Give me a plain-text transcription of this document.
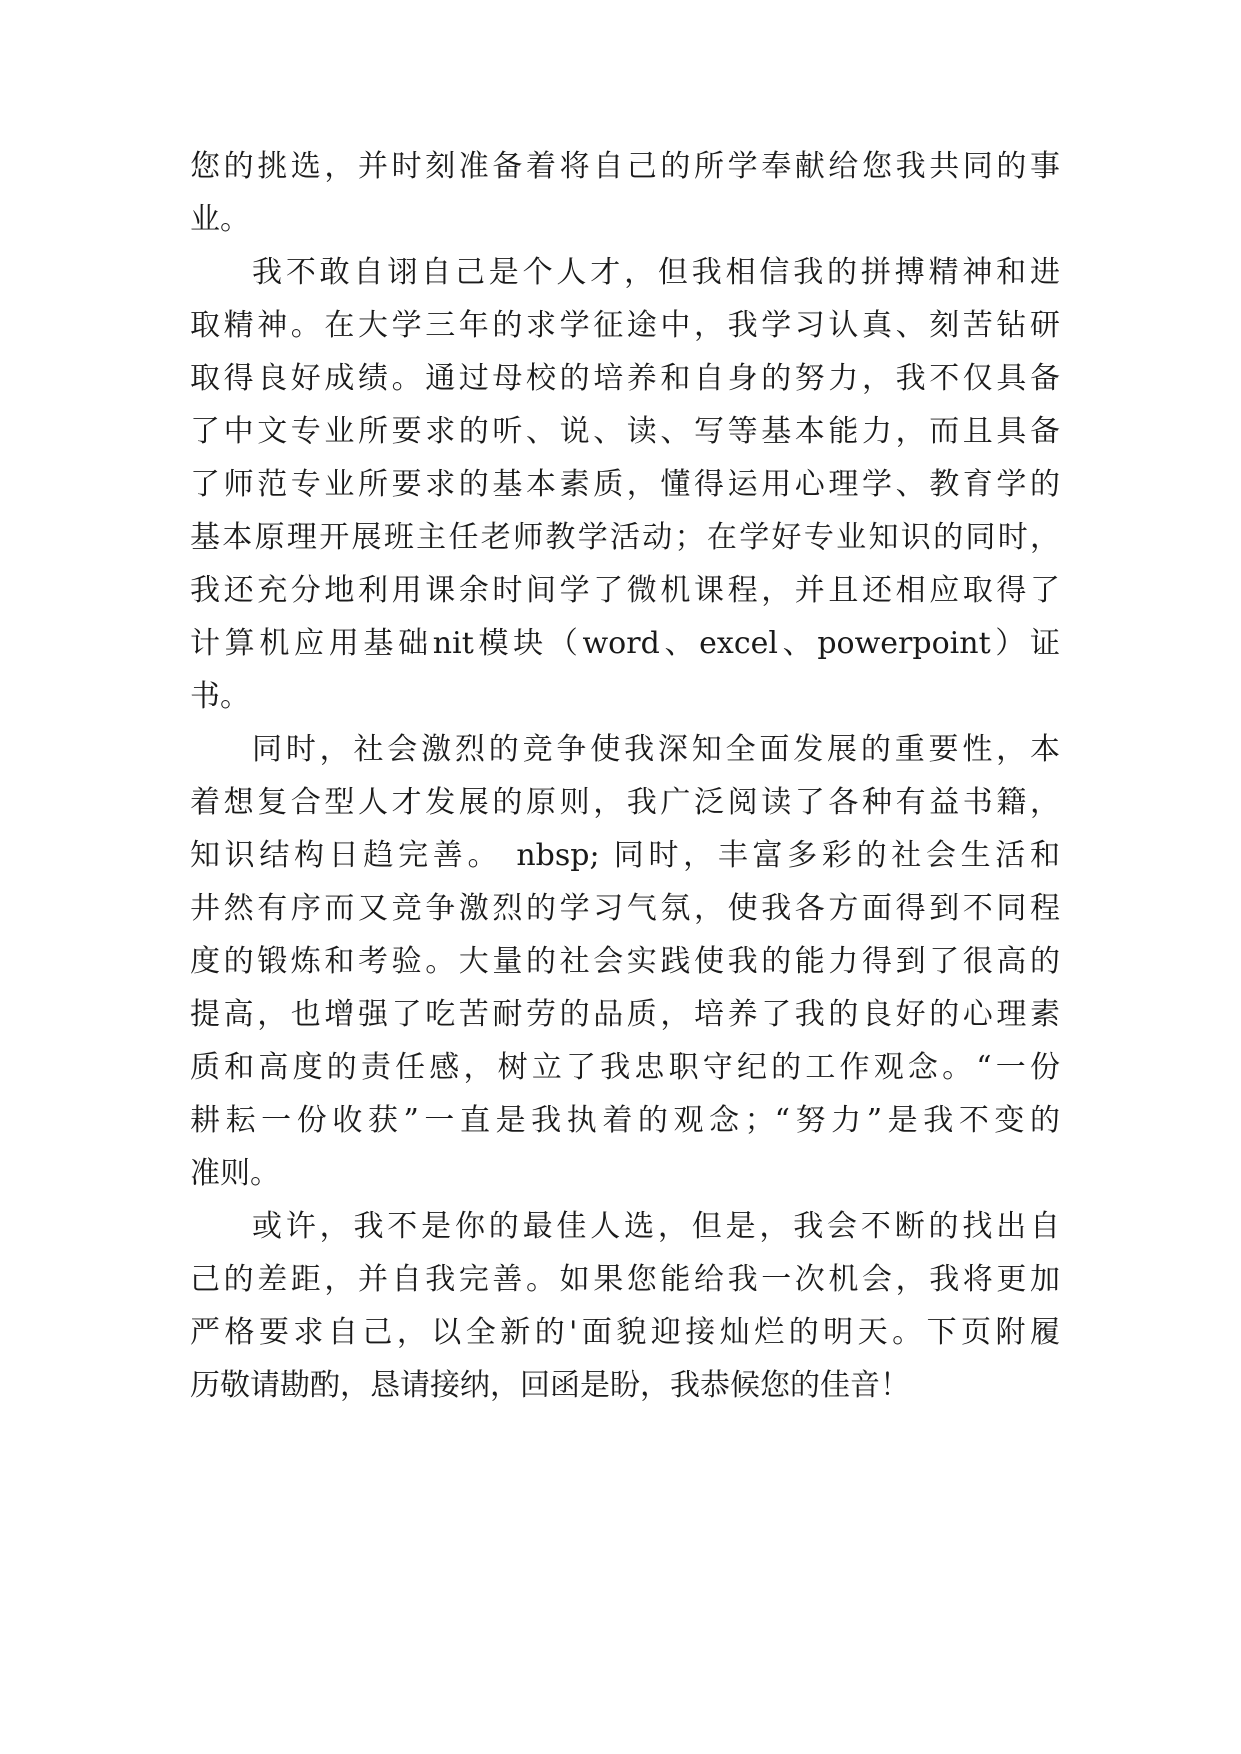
您的挑选，并时刻准备着将自己的所学奉献给您我共同的事
业。
我不敢自诩自己是个人才，但我相信我的拼搏精神和进
取精神。在大学三年的求学征途中，我学习认真、刻苦钻研
取得良好成绩。通过母校的培养和自身的努力，我不仅具备
了中文专业所要求的听、说、读、写等基本能力，而且具备
了师范专业所要求的基本素质，懂得运用心理学、教育学的
基本原理开展班主任老师教学活动；在学好专业知识的同时，
我还充分地利用课余时间学了微机课程，并且还相应取得了
计算机应用基础nit模块（word、excel、powerpoint）证
书。
同时，社会激烈的竞争使我深知全面发展的重要性，本
着想复合型人才发展的原则，我广泛阅读了各种有益书籍，
知识结构日趋完善。 nbsp; 同时，丰富多彩的社会生活和
井然有序而又竞争激烈的学习气氛，使我各方面得到不同程
度的锻炼和考验。大量的社会实践使我的能力得到了很高的
提高，也增强了吃苦耐劳的品质，培养了我的良好的心理素
质和高度的责任感，树立了我忠职守纪的工作观念。“一份
耕耘一份收获”一直是我执着的观念；“努力”是我不变的
准则。
或许，我不是你的最佳人选，但是，我会不断的找出自
己的差距，并自我完善。如果您能给我一次机会，我将更加
严格要求自己，以全新的'面貌迎接灿烂的明天。下页附履
历敬请勘酌，恳请接纳，回函是盼，我恭候您的佳音！
